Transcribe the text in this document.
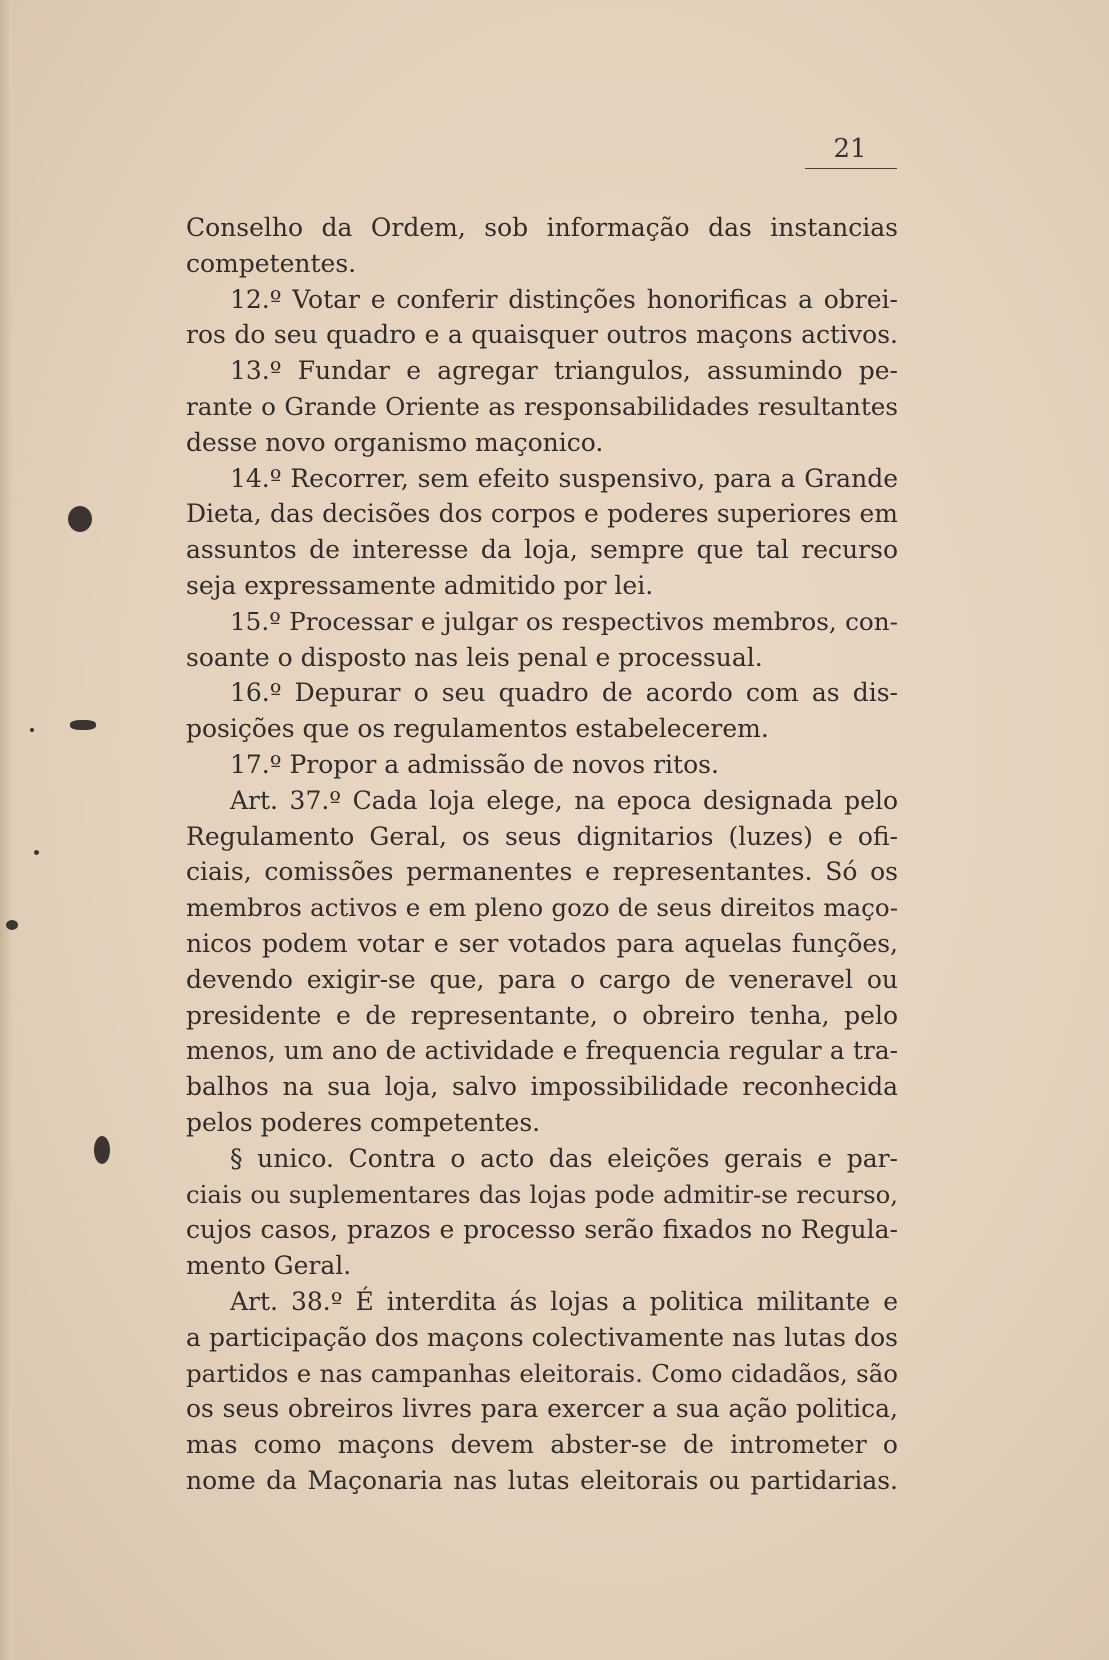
21
Conselho da Ordem, sob informação das instancias
competentes.
12.º Votar e conferir distinções honorificas a obrei-
ros do seu quadro e a quaisquer outros maçons activos.
13.º Fundar e agregar triangulos, assumindo pe-
rante o Grande Oriente as responsabilidades resultantes
desse novo organismo maçonico.
14.º Recorrer, sem efeito suspensivo, para a Grande
Dieta, das decisões dos corpos e poderes superiores em
assuntos de interesse da loja, sempre que tal recurso
seja expressamente admitido por lei.
15.º Processar e julgar os respectivos membros, con-
soante o disposto nas leis penal e processual.
16.º Depurar o seu quadro de acordo com as dis-
posições que os regulamentos estabelecerem.
17.º Propor a admissão de novos ritos.
Art. 37.º Cada loja elege, na epoca designada pelo
Regulamento Geral, os seus dignitarios (luzes) e ofi-
ciais, comissões permanentes e representantes. Só os
membros activos e em pleno gozo de seus direitos maço-
nicos podem votar e ser votados para aquelas funções,
devendo exigir-se que, para o cargo de veneravel ou
presidente e de representante, o obreiro tenha, pelo
menos, um ano de actividade e frequencia regular a tra-
balhos na sua loja, salvo impossibilidade reconhecida
pelos poderes competentes.
§ unico. Contra o acto das eleições gerais e par-
ciais ou suplementares das lojas pode admitir-se recurso,
cujos casos, prazos e processo serão fixados no Regula-
mento Geral.
Art. 38.º É interdita ás lojas a politica militante e
a participação dos maçons colectivamente nas lutas dos
partidos e nas campanhas eleitorais. Como cidadãos, são
os seus obreiros livres para exercer a sua ação politica,
mas como maçons devem abster-se de intrometer o
nome da Maçonaria nas lutas eleitorais ou partidarias.
